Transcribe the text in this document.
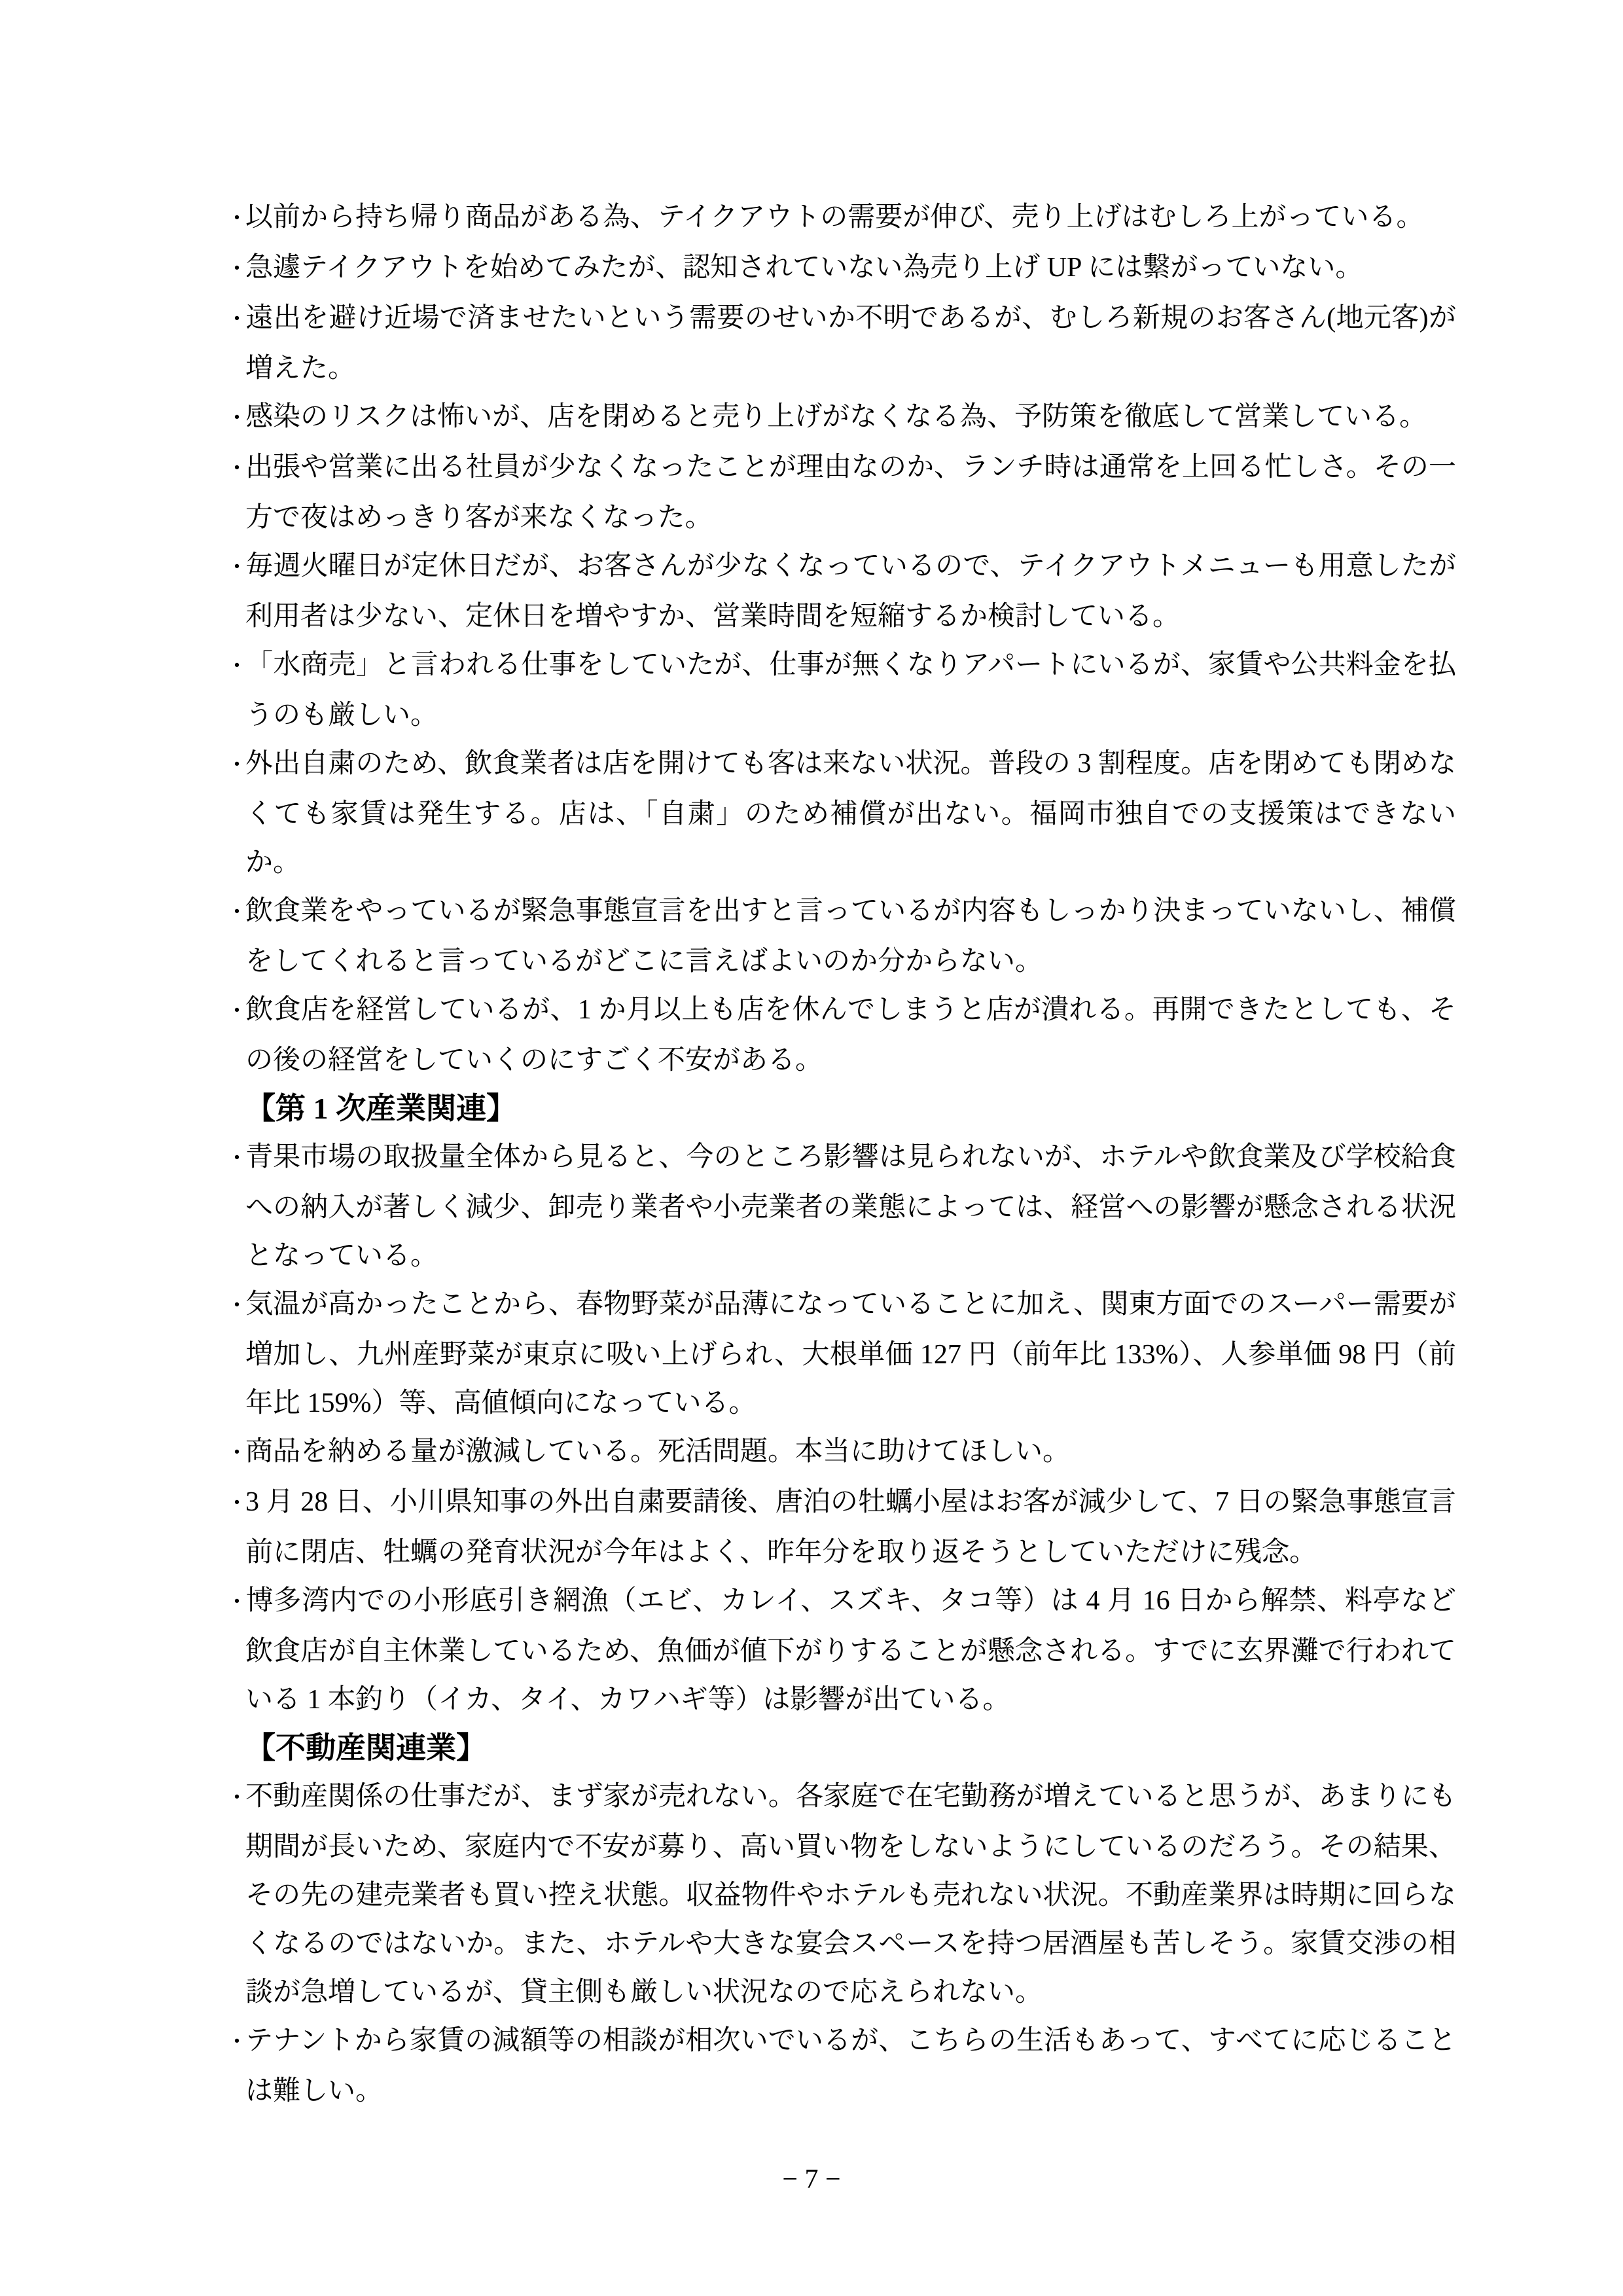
・以前から持ち帰り商品がある為、テイクアウトの需要が伸び、売り上げはむしろ上がっている。

・急遽テイクアウトを始めてみたが、認知されていない為売り上げ UP には繋がっていない。

・遠出を避け近場で済ませたいという需要のせいか不明であるが、むしろ新規のお客さん(地元客)が増えた。

・感染のリスクは怖いが、店を閉めると売り上げがなくなる為、予防策を徹底して営業している。

・出張や営業に出る社員が少なくなったことが理由なのか、ランチ時は通常を上回る忙しさ。その一方で夜はめっきり客が来なくなった。

・毎週火曜日が定休日だが、お客さんが少なくなっているので、テイクアウトメニューも用意したが利用者は少ない、定休日を増やすか、営業時間を短縮するか検討している。

・「水商売」と言われる仕事をしていたが、仕事が無くなりアパートにいるが、家賃や公共料金を払うのも厳しい。

・外出自粛のため、飲食業者は店を開けても客は来ない状況。普段の 3 割程度。店を閉めても閉めなくても家賃は発生する。店は、「自粛」のため補償が出ない。福岡市独自での支援策はできないか。

・飲食業をやっているが緊急事態宣言を出すと言っているが内容もしっかり決まっていないし、補償をしてくれると言っているがどこに言えばよいのか分からない。

・飲食店を経営しているが、1 か月以上も店を休んでしまうと店が潰れる。再開できたとしても、その後の経営をしていくのにすごく不安がある。

【第 1 次産業関連】

・青果市場の取扱量全体から見ると、今のところ影響は見られないが、ホテルや飲食業及び学校給食への納入が著しく減少、卸売り業者や小売業者の業態によっては、経営への影響が懸念される状況となっている。

・気温が高かったことから、春物野菜が品薄になっていることに加え、関東方面でのスーパー需要が増加し、九州産野菜が東京に吸い上げられ、大根単価 127 円（前年比 133%）、人参単価 98 円（前年比 159%）等、高値傾向になっている。

・商品を納める量が激減している。死活問題。本当に助けてほしい。

・3 月 28 日、小川県知事の外出自粛要請後、唐泊の牡蠣小屋はお客が減少して、7 日の緊急事態宣言前に閉店、牡蠣の発育状況が今年はよく、昨年分を取り返そうとしていただけに残念。

・博多湾内での小形底引き網漁（エビ、カレイ、スズキ、タコ等）は 4 月 16 日から解禁、料亭など飲食店が自主休業しているため、魚価が値下がりすることが懸念される。すでに玄界灘で行われている 1 本釣り（イカ、タイ、カワハギ等）は影響が出ている。

【不動産関連業】

・不動産関係の仕事だが、まず家が売れない。各家庭で在宅勤務が増えていると思うが、あまりにも期間が長いため、家庭内で不安が募り、高い買い物をしないようにしているのだろう。その結果、その先の建売業者も買い控え状態。収益物件やホテルも売れない状況。不動産業界は時期に回らなくなるのではないか。また、ホテルや大きな宴会スペースを持つ居酒屋も苦しそう。家賃交渉の相談が急増しているが、貸主側も厳しい状況なので応えられない。

・テナントから家賃の減額等の相談が相次いでいるが、こちらの生活もあって、すべてに応じることは難しい。

− 7 −
